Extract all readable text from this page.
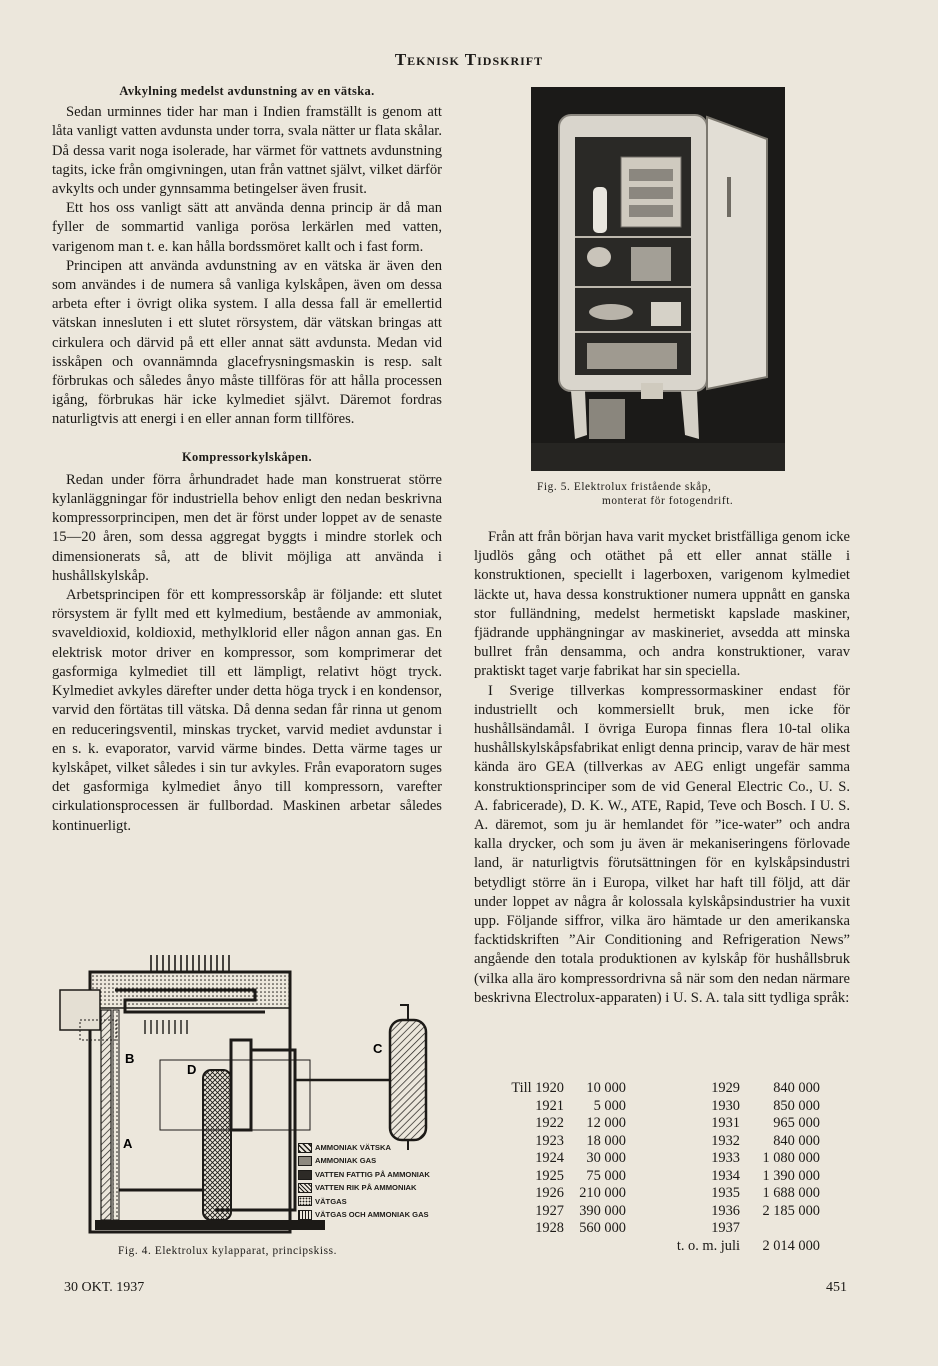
Teknisk Tidskrift
Avkylning medelst avdunstning av en vätska.

Sedan urminnes tider har man i Indien framställt is genom att låta vanligt vatten avdunsta under torra, svala nätter ur flata skålar. Då dessa varit noga isolerade, har värmet för vattnets avdunstning tagits, icke från omgivningen, utan från vattnet självt, vilket därför avkylts och under gynnsamma betingelser även frusit.

Ett hos oss vanligt sätt att använda denna princip är då man fyller de sommartid vanliga porösa lerkärlen med vatten, varigenom man t. e. kan hålla bordssmöret kallt och i fast form.

Principen att använda avdunstning av en vätska är även den som användes i de numera så vanliga kylskåpen, även om dessa arbeta efter i övrigt olika system. I alla dessa fall är emellertid vätskan innesluten i ett slutet rörsystem, där vätskan bringas att cirkulera och därvid på ett eller annat sätt avdunsta. Medan vid isskåpen och ovannämnda glacefrysningsmaskin is resp. salt förbrukas och således ånyo måste tillföras för att hålla processen igång, förbrukas här icke kylmediet självt. Däremot fordras naturligtvis att energi i en eller annan form tillföres.

Kompressorkylskåpen.

Redan under förra århundradet hade man konstruerat större kylanläggningar för industriella behov enligt den nedan beskrivna kompressorprincipen, men det är först under loppet av de senaste 15—20 åren, som dessa aggregat byggts i mindre storlek och dimensionerats så, att de blivit möjliga att använda i hushållskylskåp.

Arbetsprincipen för ett kompressorskåp är följande: ett slutet rörsystem är fyllt med ett kylmedium, bestående av ammoniak, svaveldioxid, koldioxid, methylklorid eller någon annan gas. En elektrisk motor driver en kompressor, som komprimerar det gasformiga kylmediet till ett lämpligt, relativt högt tryck. Kylmediet avkyles därefter under detta höga tryck i en kondensor, varvid den förtätas till vätska. Då denna sedan får rinna ut genom en reduceringsventil, minskas trycket, varvid mediet avdunstar i en s. k. evaporator, varvid värme bindes. Detta värme tages ur kylskåpet, vilket således i sin tur avkyles. Från evaporatorn suges det gasformiga kylmediet ånyo till kompressorn, varefter cirkulationsprocessen är fullbordad. Maskinen arbetar således kontinuerligt.

Fig. 5. Elektrolux fristående skåp,
monterat för fotogendrift.

Från att från början hava varit mycket bristfälliga genom icke ljudlös gång och otäthet på ett eller annat ställe i konstruktionen, speciellt i lagerboxen, varigenom kylmediet läckte ut, hava dessa konstruktioner numera uppnått en ganska stor fulländning, medelst hermetiskt kapslade maskiner, fjädrande upphängningar av maskineriet, avsedda att minska bullret från densamma, och andra konstruktioner, varav praktiskt taget varje fabrikat har sin speciella.

I Sverige tillverkas kompressormaskiner endast för industriellt och kommersiellt bruk, men icke för hushållsändamål. I övriga Europa finnas flera 10-tal olika hushållskylskåpsfabrikat enligt denna princip, varav de här mest kända äro GEA (tillverkas av AEG enligt ungefär samma konstruktionsprinciper som de vid General Electric Co., U. S. A. fabricerade), D. K. W., ATE, Rapid, Teve och Bosch. I U. S. A. däremot, som ju är hemlandet för ”ice-water” och andra kalla drycker, och som ju även är mekaniseringens förlovade land, är naturligtvis förutsättningen för en kylskåpsindustri betydligt större än i Europa, vilket har haft till följd, att där under loppet av några år kolossala kylskåpsindustrier ha vuxit upp. Följande siffror, vilka äro hämtade ur den amerikanska facktidskriften ”Air Conditioning and Refrigeration News” angående den totala produktionen av kylskåp för hushållsbruk (vilka alla äro kompressordrivna så när som den nedan närmare beskrivna Electrolux-apparaten) i U. S. A. tala sitt tydliga språk:

B
D
C
A	AMMONIAK VÄTSKA
AMMONIAK GAS
VATTEN FATTIG PÅ AMMONIAK
VATTEN RIK PÅ AMMONIAK
VÄTGAS
VÄTGAS OCH AMMONIAK GAS
Fig. 4. Elektrolux kylapparat, principskiss.
Till 1920	10 000
1921	5 000
1922	12 000
1923	18 000
1924	30 000
1925	75 000
1926	210 000
1927	390 000
1928	560 000
1929	840 000
1930	850 000
1931	965 000
1932	840 000
1933	1 080 000
1934	1 390 000
1935	1 688 000
1936	2 185 000
1937
t. o. m. juli	2 014 000
30 OKT. 1937	451
